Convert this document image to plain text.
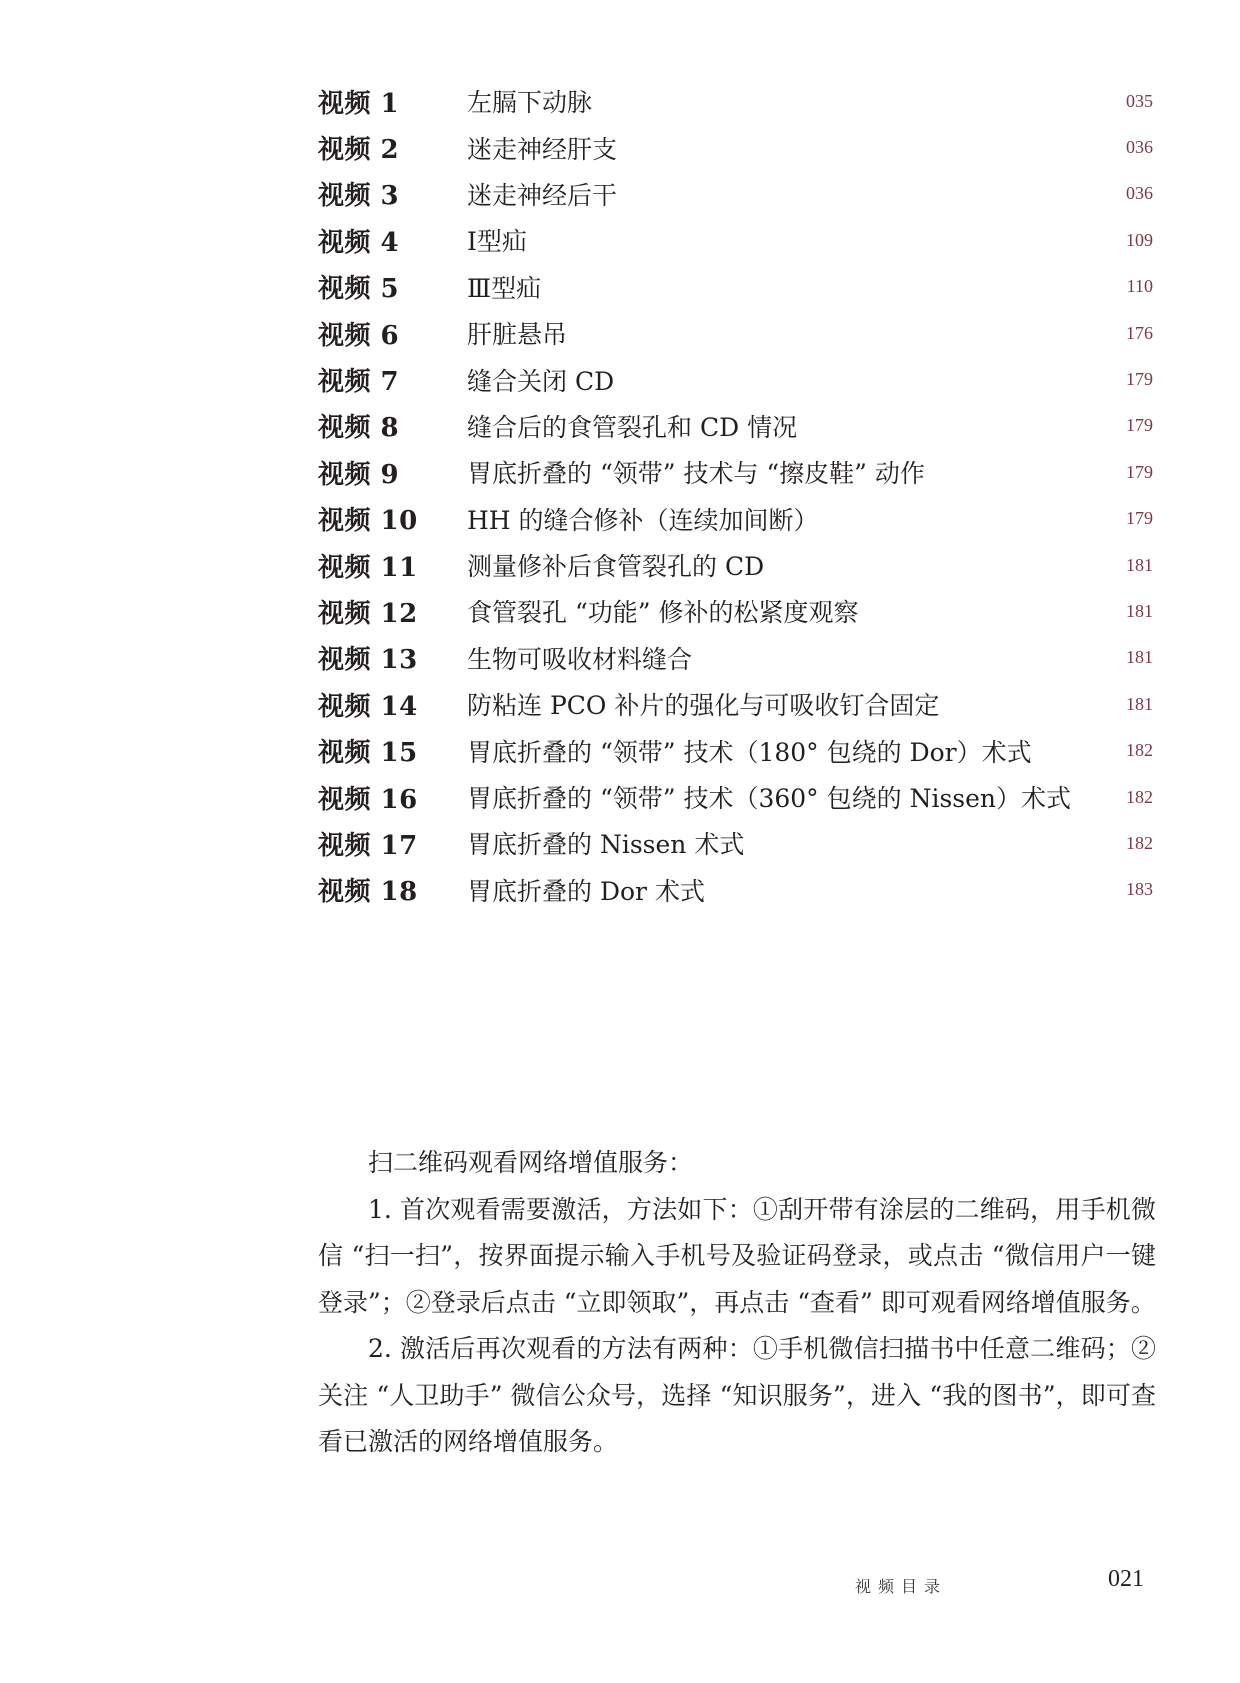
视频 1	左膈下动脉	035
视频 2	迷走神经肝支	036
视频 3	迷走神经后干	036
视频 4	Ⅰ型疝	109
视频 5	Ⅲ型疝	110
视频 6	肝脏悬吊	176
视频 7	缝合关闭 CD	179
视频 8	缝合后的食管裂孔和 CD 情况	179
视频 9	胃底折叠的 “领带” 技术与 “擦皮鞋” 动作	179
视频 10	HH 的缝合修补（连续加间断）	179
视频 11	测量修补后食管裂孔的 CD	181
视频 12	食管裂孔 “功能” 修补的松紧度观察	181
视频 13	生物可吸收材料缝合	181
视频 14	防粘连 PCO 补片的强化与可吸收钉合固定	181
视频 15	胃底折叠的 “领带” 技术（180° 包绕的 Dor）术式	182
视频 16	胃底折叠的 “领带” 技术（360° 包绕的 Nissen）术式	182
视频 17	胃底折叠的 Nissen 术式	182
视频 18	胃底折叠的 Dor 术式	183

扫二维码观看网络增值服务：

1. 首次观看需要激活，方法如下：①刮开带有涂层的二维码，用手机微信 “扫一扫”，按界面提示输入手机号及验证码登录，或点击 “微信用户一键登录”；②登录后点击 “立即领取”，再点击 “查看” 即可观看网络增值服务。

2. 激活后再次观看的方法有两种：①手机微信扫描书中任意二维码；②关注 “人卫助手” 微信公众号，选择 “知识服务”，进入 “我的图书”，即可查看已激活的网络增值服务。

视频目录	021
